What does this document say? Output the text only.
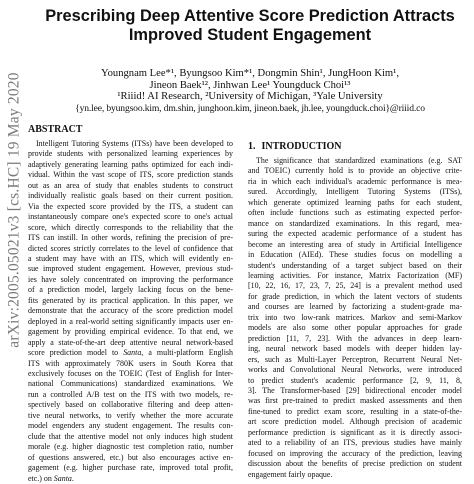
arXiv:2005.05021v3 [cs.HC] 19 May 2020
Prescribing Deep Attentive Score Prediction Attracts
Improved Student Engagement
Youngnam Lee*¹, Byungsoo Kim*¹, Dongmin Shin¹, JungHoon Kim¹,
Jineon Baek¹², Jinhwan Lee¹ Youngduck Choi¹³
¹Riiid! AI Research, ²University of Michigan, ³Yale University
{yn.lee, byungsoo.kim, dm.shin, junghoon.kim, jineon.baek, jh.lee, youngduck.choi}@riiid.co
ABSTRACT
Intelligent Tutoring Systems (ITSs) have been developed to
provide students with personalized learning experiences by
adaptively generating learning paths optimized for each indi-
vidual. Within the vast scope of ITS, score prediction stands
out as an area of study that enables students to construct
individually realistic goals based on their current position.
Via the expected score provided by the ITS, a student can
instantaneously compare one's expected score to one's actual
score, which directly corresponds to the reliability that the
ITS can instill. In other words, refining the precision of pre-
dicted scores strictly correlates to the level of confidence that
a student may have with an ITS, which will evidently en-
sue improved student engagement. However, previous stud-
ies have solely concentrated on improving the performance
of a prediction model, largely lacking focus on the bene-
fits generated by its practical application. In this paper, we
demonstrate that the accuracy of the score prediction model
deployed in a real-world setting significantly impacts user en-
gagement by providing empirical evidence. To that end, we
apply a state-of-the-art deep attentive neural network-based
score prediction model to Santa, a multi-platform English
ITS with approximately 780K users in South Korea that
exclusively focuses on the TOEIC (Test of English for Inter-
national Communications) standardized examinations. We
run a controlled A/B test on the ITS with two models, re-
spectively based on collaborative filtering and deep atten-
tive neural networks, to verify whether the more accurate
model engenders any student engagement. The results con-
clude that the attentive model not only induces high student
morale (e.g. higher diagnostic test completion ratio, number
of questions answered, etc.) but also encourages active en-
gagement (e.g. higher purchase rate, improved total profit,
etc.) on Santa.
1. INTRODUCTION
The significance that standardized examinations (e.g. SAT
and TOEIC) currently hold is to provide an objective crite-
ria in which each individual's academic performance is mea-
sured. Accordingly, Intelligent Tutoring Systems (ITSs),
which generate optimized learning paths for each student,
often include functions such as estimating expected perfor-
mance on standardized examinations. In this regard, mea-
suring the expected academic performance of a student has
become an interesting area of study in Artificial Intelligence
in Education (AIEd). These studies focus on modelling a
student's understanding of a target subject based on their
learning activities. For instance, Matrix Factorization (MF)
[10, 22, 16, 17, 23, 7, 25, 24] is a prevalent method used
for grade prediction, in which the latent vectors of students
and courses are learned by factorizing a student-grade ma-
trix into two low-rank matrices. Markov and semi-Markov
models are also some other popular approaches for grade
prediction [11, 7, 23]. With the advances in deep learn-
ing, neural network based models with deeper hidden lay-
ers, such as Multi-Layer Perceptron, Recurrent Neural Net-
works and Convolutional Neural Networks, were introduced
to predict student's academic performance [2, 9, 11, 8,
3]. The Transformer-based [29] bidirectional encoder model
was first pre-trained to predict masked assessments and then
fine-tuned to predict exam score, resulting in a state-of-the-
art score prediction model. Although precision of academic
performance prediction is significant as it is directly associ-
ated to a reliability of an ITS, previous studies have mainly
focused on improving the accuracy of the prediction, leaving
discussion about the benefits of precise prediction on student
engagement fairly opaque.
